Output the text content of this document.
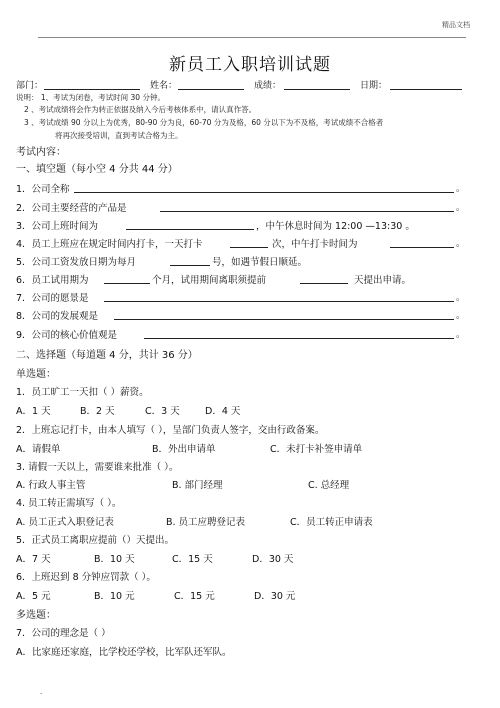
精品文档
新员工入职培训试题
部门：	姓名：	成绩：	日期：
说明： 1、考试为闭卷，考试时间 30 分钟。
2 、考试成绩将会作为转正依据及纳入今后考核体系中，请认真作答。
3 、考试成绩 90 分以上为优秀，80-90 分为良，60-70 分为及格，60 分以下为不及格，考试成绩不合格者
将再次接受培训，直到考试合格为主。
考试内容：
一、填空题（每小空 4 分共 44 分）
1．公司全称	。
2．公司主要经营的产品是	。
3．公司上班时间为	，中午休息时间为 12:00 —13:30 。
4．员工上班应在规定时间内打卡，一天打卡	次，中午打卡时间为	。
5．公司工资发放日期为每月	号，如遇节假日顺延。
6．员工试用期为	个月，试用期间离职须提前	天提出申请。
7．公司的愿景是	。
8．公司的发展观是	。
9．公司的核心价值观是	。
二、选择题（每道题 4 分，共计 36 分）
单选题：
1．员工旷工一天扣（ ）薪资。
A．1 天	B．2 天	C．3 天	D．4 天
2．上班忘记打卡，由本人填写（ ），呈部门负责人签字，交由行政备案。
A．请假单	B．外出申请单	C．未打卡补签申请单
3. 请假一天以上，需要谁来批准（ ）。
A. 行政人事主管	B. 部门经理	C. 总经理
4. 员工转正需填写（ ）。
A. 员工正式入职登记表	B. 员工应聘登记表	C．员工转正申请表
5．正式员工离职应提前（）天提出。
A．7 天	B．10 天	C．15 天	D．30 天
6．上班迟到 8 分钟应罚款（ ）。
A．5 元	B．10 元	C．15 元	D．30 元
多选题：
7．公司的理念是（ ）
A．比家庭还家庭，比学校还学校，比军队还军队。
.
